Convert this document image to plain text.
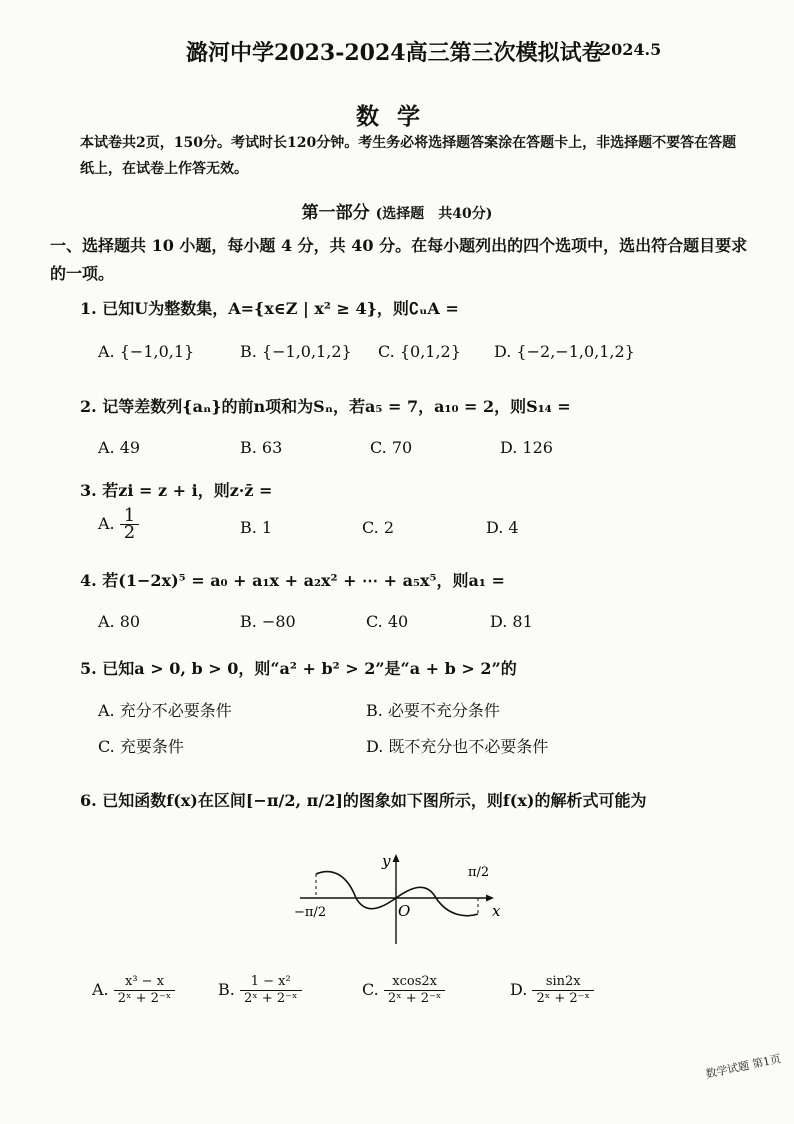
潞河中学2023-2024高三第三次模拟试卷
2024.5
数学
本试卷共2页，150分。考试时长120分钟。考生务必将选择题答案涂在答题卡上，非选择题不要答在答题纸上，在试卷上作答无效。
第一部分 (选择题　共40分)
一、选择题共 10 小题，每小题 4 分，共 40 分。在每小题列出的四个选项中，选出符合题目要求的一项。
1. 已知U为整数集，A={x∈Z | x² ≥ 4}，则∁ᵤA =
A. {−1,0,1}	B. {−1,0,1,2} C. {0,1,2} D. {−2,−1,0,1,2}
2. 记等差数列{aₙ}的前n项和为Sₙ，若a₅ = 7，a₁₀ = 2，则S₁₄ =
A. 49	B. 63	C. 70	D. 126
3. 若zi = z + i，则z·z̄ =
A. $\frac{1}{2}$	B. 1	C. 2	D. 4
4. 若(1−2x)⁵ = a₀ + a₁x + a₂x² + ⋯ + a₅x⁵，则a₁ =
A. 80	B. −80	C. 40	D. 81
5. 已知a > 0, b > 0，则“a² + b² > 2”是“a + b > 2”的
A. 充分不必要条件	B. 必要不充分条件
C. 充要条件	D. 既不充分也不必要条件
6. 已知函数f(x)在区间[−π/2, π/2]的图象如下图所示，则f(x)的解析式可能为
y
x
O
−π/2
π/2
A. $\frac{\text{x³ − x}}{\text{2ˣ + 2⁻ˣ}}$	B. $\frac{\text{1 − x²}}{\text{2ˣ + 2⁻ˣ}}$	C. $\frac{xcos2x}{\text{2ˣ + 2⁻ˣ}}$	D. $\frac{\sin 2x}{\text{2ˣ + 2⁻ˣ}}$
数学试题 第1页
